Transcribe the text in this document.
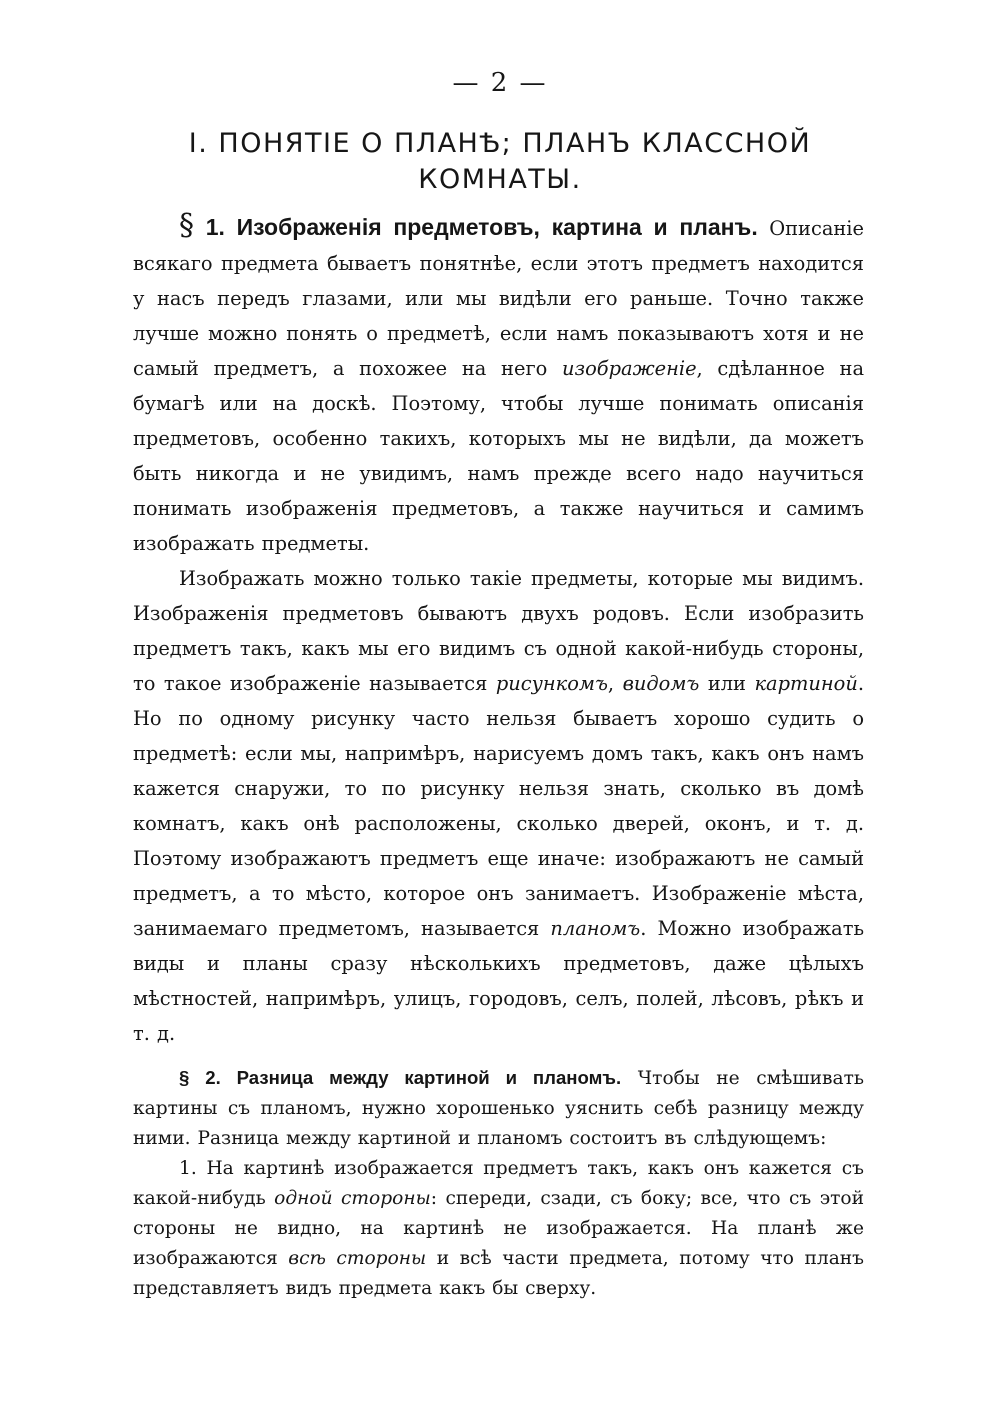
— 2 —
I. ПОНЯТІЕ О ПЛАНѢ; ПЛАНЪ КЛАССНОЙ КОМНАТЫ.

§ 1. Изображенія предметовъ, картина и планъ. Описаніе всякаго предмета бываетъ понятнѣе, если этотъ предметъ находится у насъ передъ глазами, или мы видѣли его раньше. Точно также лучше можно понять о предметѣ, если намъ показываютъ хотя и не самый предметъ, а похожее на него изображеніе, сдѣланное на бумагѣ или на доскѣ. Поэтому, чтобы лучше понимать описанія предметовъ, особенно такихъ, которыхъ мы не видѣли, да можетъ быть никогда и не увидимъ, намъ прежде всего надо научиться понимать изображенія предметовъ, а также научиться и самимъ изображать предметы.

Изображать можно только такіе предметы, которые мы видимъ. Изображенія предметовъ бываютъ двухъ родовъ. Если изобразить предметъ такъ, какъ мы его видимъ съ одной какой-нибудь стороны, то такое изображеніе называется рисункомъ, видомъ или картиной. Но по одному рисунку часто нельзя бываетъ хорошо судить о предметѣ: если мы, напримѣръ, нарисуемъ домъ такъ, какъ онъ намъ кажется снаружи, то по рисунку нельзя знать, сколько въ домѣ комнатъ, какъ онѣ расположены, сколько дверей, оконъ, и т. д. Поэтому изображаютъ предметъ еще иначе: изображаютъ не самый предметъ, а то мѣсто, которое онъ занимаетъ. Изображеніе мѣста, занимаемаго предметомъ, называется планомъ. Можно изображать виды и планы сразу нѣсколькихъ предметовъ, даже цѣлыхъ мѣстностей, напримѣръ, улицъ, городовъ, селъ, полей, лѣсовъ, рѣкъ и т. д.

§ 2. Разница между картиной и планомъ. Чтобы не смѣшивать картины съ планомъ, нужно хорошенько уяснить себѣ разницу между ними. Разница между картиной и планомъ состоитъ въ слѣдующемъ:

1. На картинѣ изображается предметъ такъ, какъ онъ кажется съ какой-нибудь одной стороны: спереди, сзади, съ боку; все, что съ этой стороны не видно, на картинѣ не изображается. На планѣ же изображаются всѣ стороны и всѣ части предмета, потому что планъ представляетъ видъ предмета какъ бы сверху.
